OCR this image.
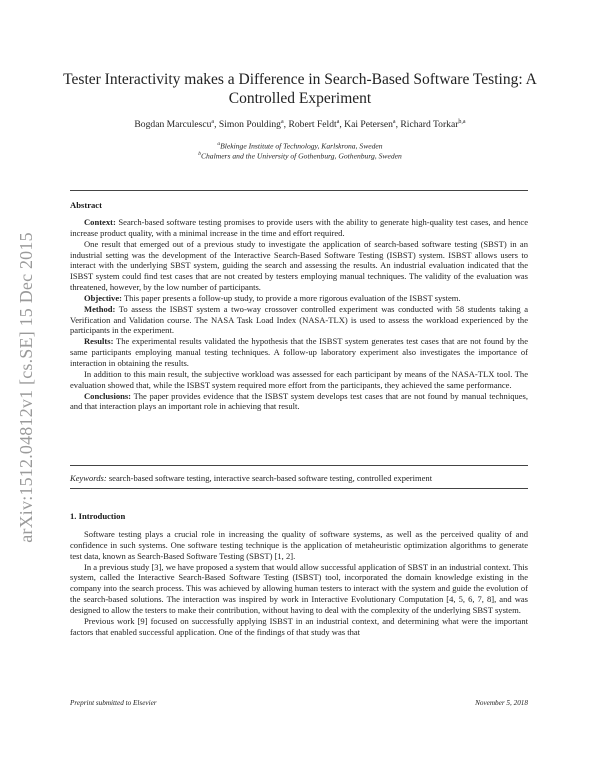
arXiv:1512.04812v1 [cs.SE] 15 Dec 2015
Tester Interactivity makes a Difference in Search-Based Software Testing: A
Controlled Experiment
Bogdan Marculescu$^a$, Simon Poulding$^a$, Robert Feldt$^a$, Kai Petersen$^a$, Richard Torkar$^{b,a}$
$^a$Blekinge Institute of Technology, Karlskrona, Sweden
$^b$Chalmers and the University of Gothenburg, Gothenburg, Sweden
Abstract

Context: Search-based software testing promises to provide users with the ability to generate high-quality test cases, and hence increase product quality, with a minimal increase in the time and effort required.

One result that emerged out of a previous study to investigate the application of search-based software testing (SBST) in an industrial setting was the development of the Interactive Search-Based Software Testing (ISBST) system. ISBST allows users to interact with the underlying SBST system, guiding the search and assessing the results. An industrial evaluation indicated that the ISBST system could find test cases that are not created by testers employing manual techniques. The validity of the evaluation was threatened, however, by the low number of participants.

Objective: This paper presents a follow-up study, to provide a more rigorous evaluation of the ISBST system.

Method: To assess the ISBST system a two-way crossover controlled experiment was conducted with 58 students taking a Verification and Validation course. The NASA Task Load Index (NASA-TLX) is used to assess the workload experienced by the participants in the experiment.

Results: The experimental results validated the hypothesis that the ISBST system generates test cases that are not found by the same participants employing manual testing techniques. A follow-up laboratory experiment also investigates the importance of interaction in obtaining the results.

In addition to this main result, the subjective workload was assessed for each participant by means of the NASA-TLX tool. The evaluation showed that, while the ISBST system required more effort from the participants, they achieved the same performance.

Conclusions: The paper provides evidence that the ISBST system develops test cases that are not found by manual techniques, and that interaction plays an important role in achieving that result.

Keywords: search-based software testing, interactive search-based software testing, controlled experiment
1. Introduction

Software testing plays a crucial role in increasing the quality of software systems, as well as the perceived quality of and confidence in such systems. One software testing technique is the application of metaheuristic optimization algorithms to generate test data, known as Search-Based Software Testing (SBST) [1, 2].

In a previous study [3], we have proposed a system that would allow successful application of SBST in an industrial context. This system, called the Interactive Search-Based Software Testing (ISBST) tool, incorporated the domain knowledge existing in the company into the search process. This was achieved by allowing human testers to interact with the system and guide the evolution of the search-based solutions. The interaction was inspired by work in Interactive Evolutionary Computation [4, 5, 6, 7, 8], and was designed to allow the testers to make their contribution, without having to deal with the complexity of the underlying SBST system.

Previous work [9] focused on successfully applying ISBST in an industrial context, and determining what were the important factors that enabled successful application. One of the findings of that study was that

Preprint submitted to Elsevier	November 5, 2018
